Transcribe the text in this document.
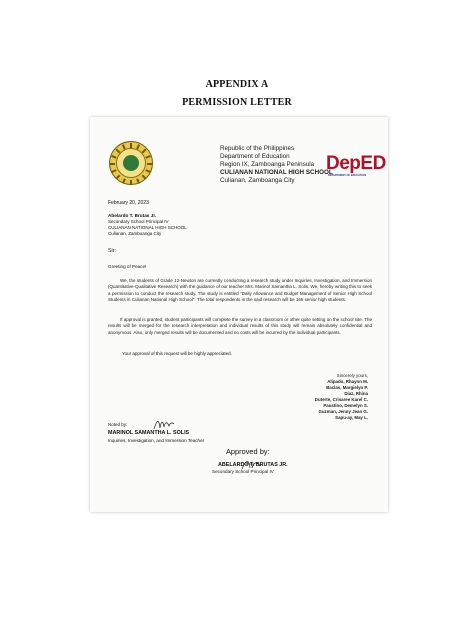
APPENDIX A
PERMISSION LETTER
Republic of the Philippines
Department of Education
Region IX, Zamboanga Peninsula
CULIANAN NATIONAL HIGH SCHOOL
Culianan, Zamboanga City
DepED
DEPARTMENT OF EDUCATION
February 20, 2023
Abelardo T. Brutas Jr.
Secondary School Principal IV
CULIANAN NATIONAL HIGH SCHOOL
Culianan, Zamboanga City
Sir:
Greeting of Peace!
We, the students of Grade 12-Newton are currently conducting a research study under Inquiries, Investigation, and Immersion (Quantitative-Qualitative Research) with the guidance of our teacher Mrs. Marinol Samantha L. Solis. We, hereby writing this to seek a permission to conduct the research study. The study is entitled "Daily Allowance and Budget Management of Senior High School Students in Culianan National High School". The total respondents in the said research will be 165 senior high students.
If approval is granted, student participants will complete the survey in a classroom or other quite setting on the school site. The results will be merged for the research interpretation and individual results of this study will remain absolutely confidential and anonymous. Also, only merged results will be documented and no costs will be incurred by the individual participants.
Your approval of this request will be highly appreciated.
Sincerely yours,
Alipado, Rhaynn M.
Baclas, Margielyn P.
Diaz, Rhina
Duterte, Crisaree Karel C.
Paustino, Demelyn S.
Guzman, Jenny Jean G.
Sapu-ay, May L.
Noted by:
MARINOL SAMANTHA L. SOLIS
Inquiries, Investigation, and Immersion Teacher
Approved by:
ABELARDO T. BRUTAS JR.
Secondary School Principal IV
